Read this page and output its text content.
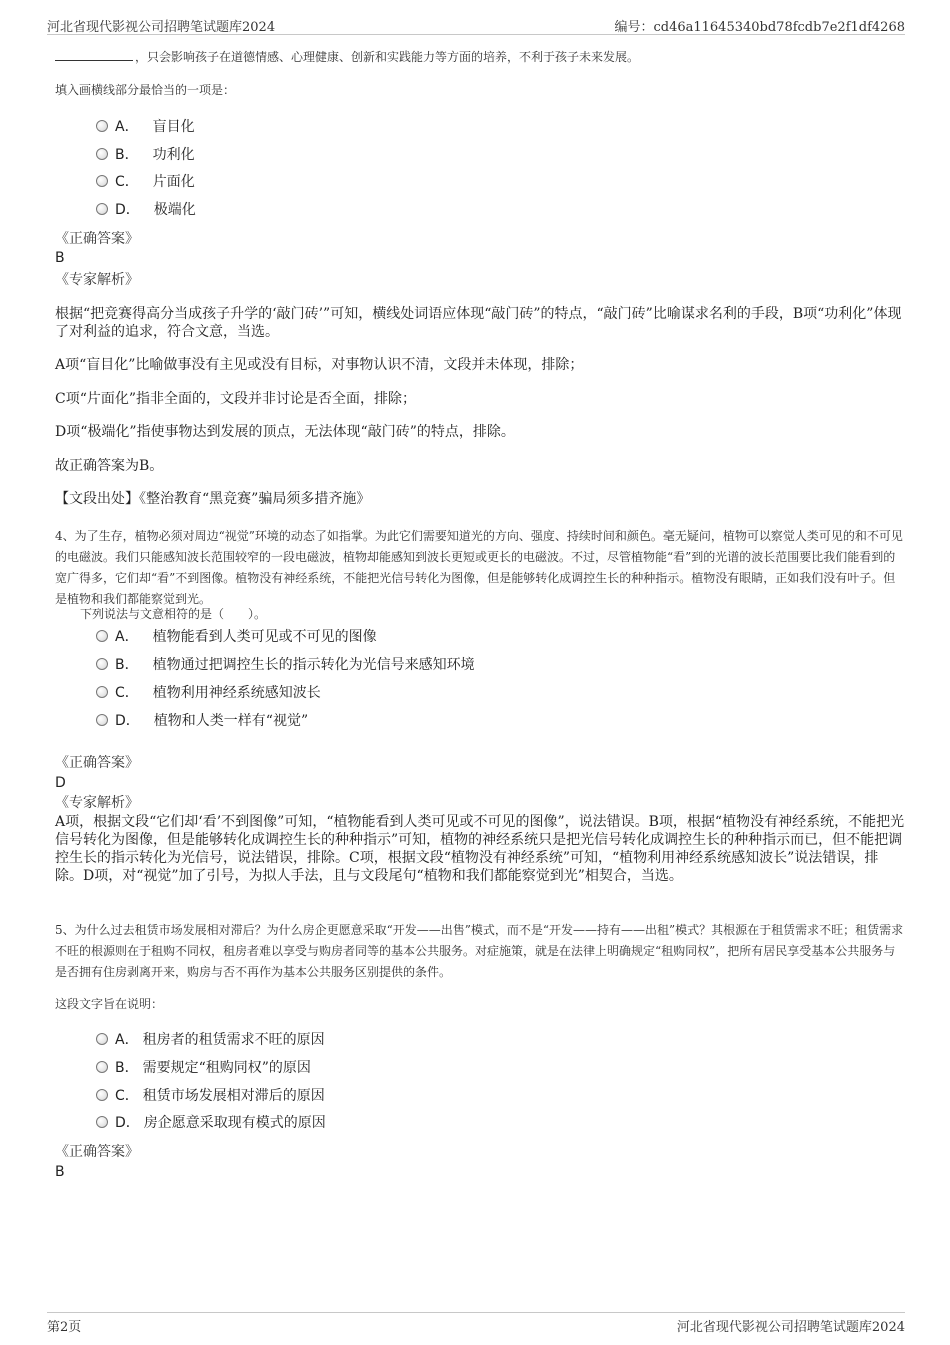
河北省现代影视公司招聘笔试题库2024	编号：cd46a11645340bd78fcdb7e2f1df4268
，只会影响孩子在道德情感、心理健康、创新和实践能力等方面的培养，不利于孩子未来发展。
填入画横线部分最恰当的一项是：
A． 盲目化
B． 功利化
C． 片面化
D． 极端化
《正确答案》
B
《专家解析》
根据“把竞赛得高分当成孩子升学的‘敲门砖’”可知，横线处词语应体现“敲门砖”的特点，“敲门砖”比喻谋求名利的手段，B项“功利化”体现了对利益的追求，符合文意，当选。
A项“盲目化”比喻做事没有主见或没有目标，对事物认识不清，文段并未体现，排除；
C项“片面化”指非全面的，文段并非讨论是否全面，排除；
D项“极端化”指使事物达到发展的顶点，无法体现“敲门砖”的特点，排除。
故正确答案为B。
【文段出处】《整治教育“黑竞赛”骗局须多措齐施》
4、为了生存，植物必须对周边“视觉”环境的动态了如指掌。为此它们需要知道光的方向、强度、持续时间和颜色。毫无疑问，植物可以察觉人类可见的和不可见的电磁波。我们只能感知波长范围较窄的一段电磁波，植物却能感知到波长更短或更长的电磁波。不过，尽管植物能“看”到的光谱的波长范围要比我们能看到的宽广得多，它们却“看”不到图像。植物没有神经系统，不能把光信号转化为图像，但是能够转化成调控生长的种种指示。植物没有眼睛，正如我们没有叶子。但是植物和我们都能察觉到光。
下列说法与文意相符的是（　　）。
A． 植物能看到人类可见或不可见的图像
B． 植物通过把调控生长的指示转化为光信号来感知环境
C． 植物利用神经系统感知波长
D． 植物和人类一样有“视觉”
《正确答案》
D
《专家解析》
A项，根据文段“它们却‘看’不到图像”可知，“植物能看到人类可见或不可见的图像”，说法错误。B项，根据“植物没有神经系统，不能把光信号转化为图像，但是能够转化成调控生长的种种指示”可知，植物的神经系统只是把光信号转化成调控生长的种种指示而已，但不能把调控生长的指示转化为光信号，说法错误，排除。C项，根据文段“植物没有神经系统”可知，“植物利用神经系统感知波长”说法错误，排除。D项，对“视觉”加了引号，为拟人手法，且与文段尾句“植物和我们都能察觉到光”相契合，当选。
5、为什么过去租赁市场发展相对滞后？为什么房企更愿意采取“开发——出售”模式，而不是“开发——持有——出租”模式？其根源在于租赁需求不旺；租赁需求不旺的根源则在于租购不同权，租房者难以享受与购房者同等的基本公共服务。对症施策，就是在法律上明确规定“租购同权”，把所有居民享受基本公共服务与是否拥有住房剥离开来，购房与否不再作为基本公共服务区别提供的条件。
这段文字旨在说明：
A． 租房者的租赁需求不旺的原因
B． 需要规定“租购同权”的原因
C． 租赁市场发展相对滞后的原因
D． 房企愿意采取现有模式的原因
《正确答案》
B
第2页	河北省现代影视公司招聘笔试题库2024
